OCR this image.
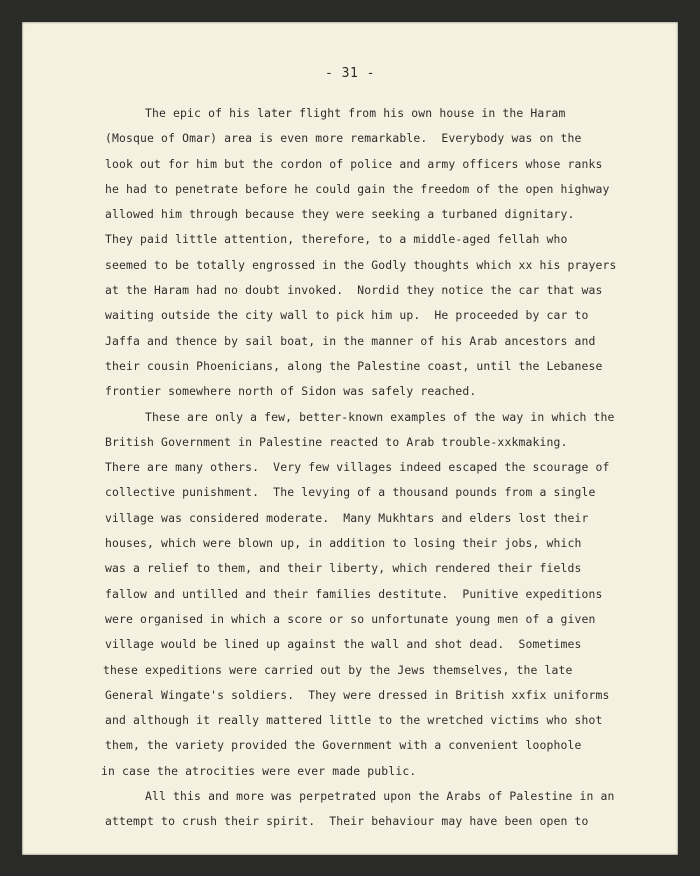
- 31 -
The epic of his later flight from his own house in the Haram
(Mosque of Omar) area is even more remarkable.  Everybody was on the
look out for him but the cordon of police and army officers whose ranks
he had to penetrate before he could gain the freedom of the open highway
allowed him through because they were seeking a turbaned dignitary.
They paid little attention, therefore, to a middle-aged fellah who
seemed to be totally engrossed in the Godly thoughts which xx his prayers
at the Haram had no doubt invoked.  Nordid they notice the car that was
waiting outside the city wall to pick him up.  He proceeded by car to
Jaffa and thence by sail boat, in the manner of his Arab ancestors and
their cousin Phoenicians, along the Palestine coast, until the Lebanese
frontier somewhere north of Sidon was safely reached.
These are only a few, better-known examples of the way in which the
British Government in Palestine reacted to Arab trouble-xxkmaking.
There are many others.  Very few villages indeed escaped the scourage of
collective punishment.  The levying of a thousand pounds from a single
village was considered moderate.  Many Mukhtars and elders lost their
houses, which were blown up, in addition to losing their jobs, which
was a relief to them, and their liberty, which rendered their fields
fallow and untilled and their families destitute.  Punitive expeditions
were organised in which a score or so unfortunate young men of a given
village would be lined up against the wall and shot dead.  Sometimes
these expeditions were carried out by the Jews themselves, the late
General Wingate's soldiers.  They were dressed in British xxfix uniforms
and although it really mattered little to the wretched victims who shot
them, the variety provided the Government with a convenient loophole
in case the atrocities were ever made public.
All this and more was perpetrated upon the Arabs of Palestine in an
attempt to crush their spirit.  Their behaviour may have been open to
